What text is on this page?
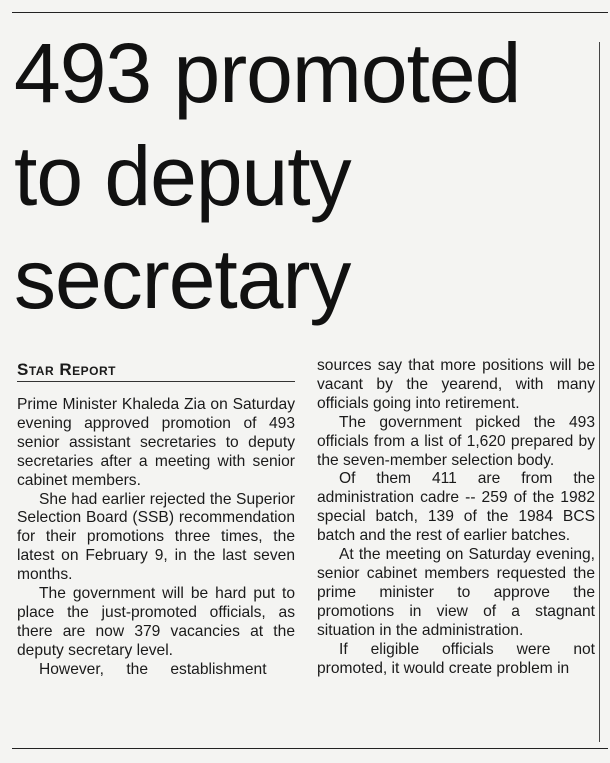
493 promoted to deputy secretary
Star Report

Prime Minister Khaleda Zia on Saturday evening approved promotion of 493 senior assistant secretaries to deputy secretaries after a meeting with senior cabinet members.

She had earlier rejected the Superior Selection Board (SSB) recommendation for their promotions three times, the latest on February 9, in the last seven months.

The government will be hard put to place the just-promoted officials, as there are now 379 vacancies at the deputy secretary level.

However, the establishment

sources say that more positions will be vacant by the yearend, with many officials going into retirement.

The government picked the 493 officials from a list of 1,620 prepared by the seven-member selection body.

Of them 411 are from the administration cadre -- 259 of the 1982 special batch, 139 of the 1984 BCS batch and the rest of earlier batches.

At the meeting on Saturday evening, senior cabinet members requested the prime minister to approve the promotions in view of a stagnant situation in the administration.

If eligible officials were not promoted, it would create problem in
